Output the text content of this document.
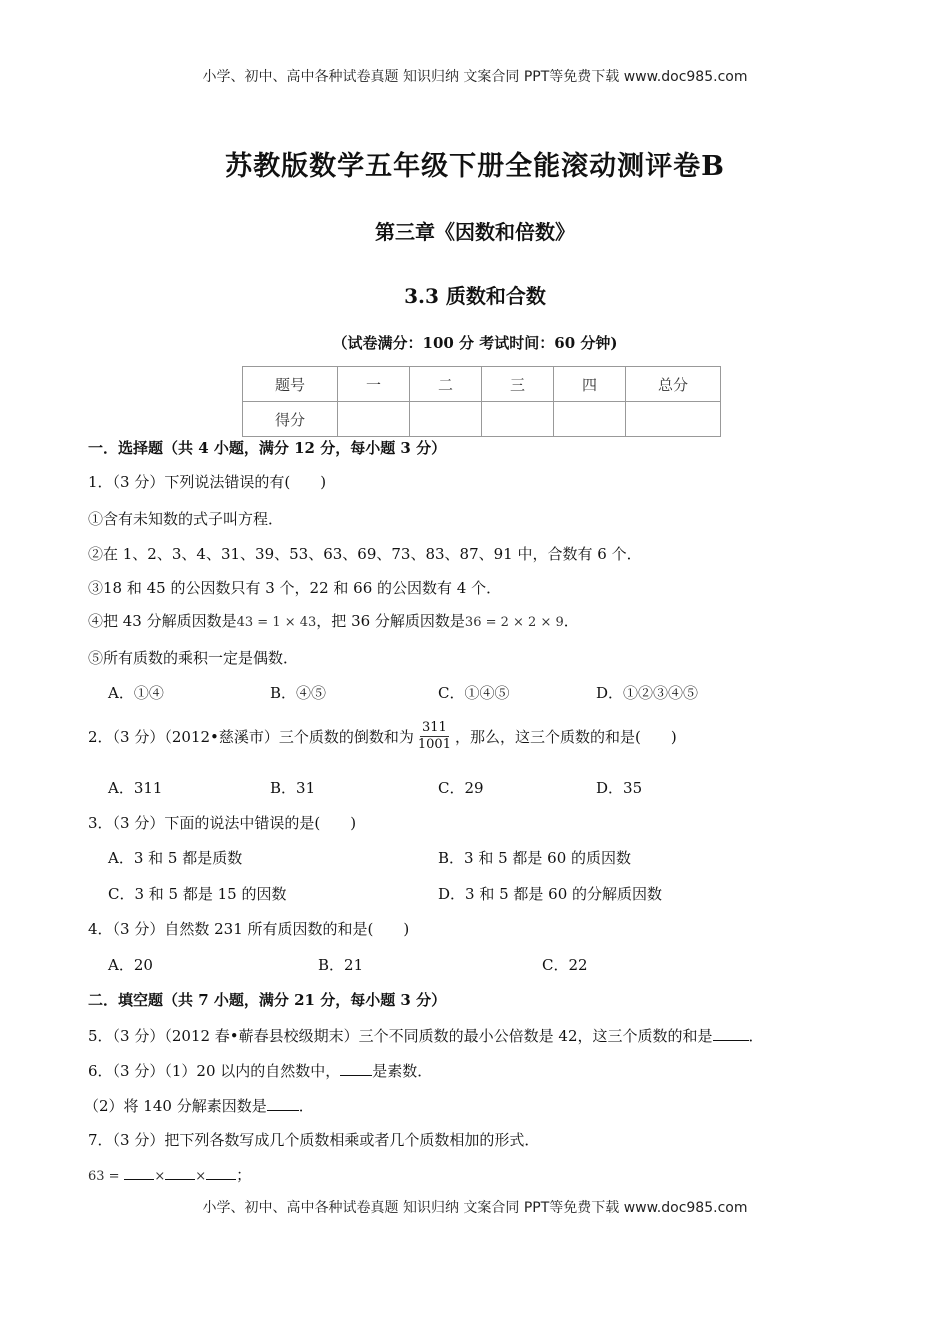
小学、初中、高中各种试卷真题 知识归纳 文案合同 PPT等免费下载 www.doc985.com
苏教版数学五年级下册全能滚动测评卷B
第三章《因数和倍数》
3.3 质数和合数
（试卷满分：100 分 考试时间：60 分钟)
题号	一	二	三	四	总分
得分					
一．选择题（共 4 小题，满分 12 分，每小题 3 分）
1．（3 分）下列说法错误的有(　　)
①含有未知数的式子叫方程．
②在 1、2、3、4、31、39、53、63、69、73、83、87、91 中，合数有 6 个．
③18 和 45 的公因数只有 3 个，22 和 66 的公因数有 4 个．
④把 43 分解质因数是43 = 1 × 43，把 36 分解质因数是36 = 2 × 2 × 9．
⑤所有质数的乘积一定是偶数．
A．①④	B．④⑤	C．①④⑤	D．①②③④⑤
2．（3 分）（2012•慈溪市）三个质数的倒数和为 $\frac{311}{1001}$ ，那么，这三个质数的和是(　　)
A．311	B．31	C．29	D．35
3．（3 分）下面的说法中错误的是(　　)
A．3 和 5 都是质数	B．3 和 5 都是 60 的质因数
C．3 和 5 都是 15 的因数	D．3 和 5 都是 60 的分解质因数
4．（3 分）自然数 231 所有质因数的和是(　　)
A．20	B．21	C．22
二．填空题（共 7 小题，满分 21 分，每小题 3 分）
5．（3 分）（2012 春•蕲春县校级期末）三个不同质数的最小公倍数是 42，这三个质数的和是 ．
6．（3 分）（1）20 以内的自然数中， 是素数．
（2）将 140 分解素因数是 ．
7．（3 分）把下列各数写成几个质数相乘或者几个质数相加的形式．
63 =	× × ；
小学、初中、高中各种试卷真题 知识归纳 文案合同 PPT等免费下载 www.doc985.com
